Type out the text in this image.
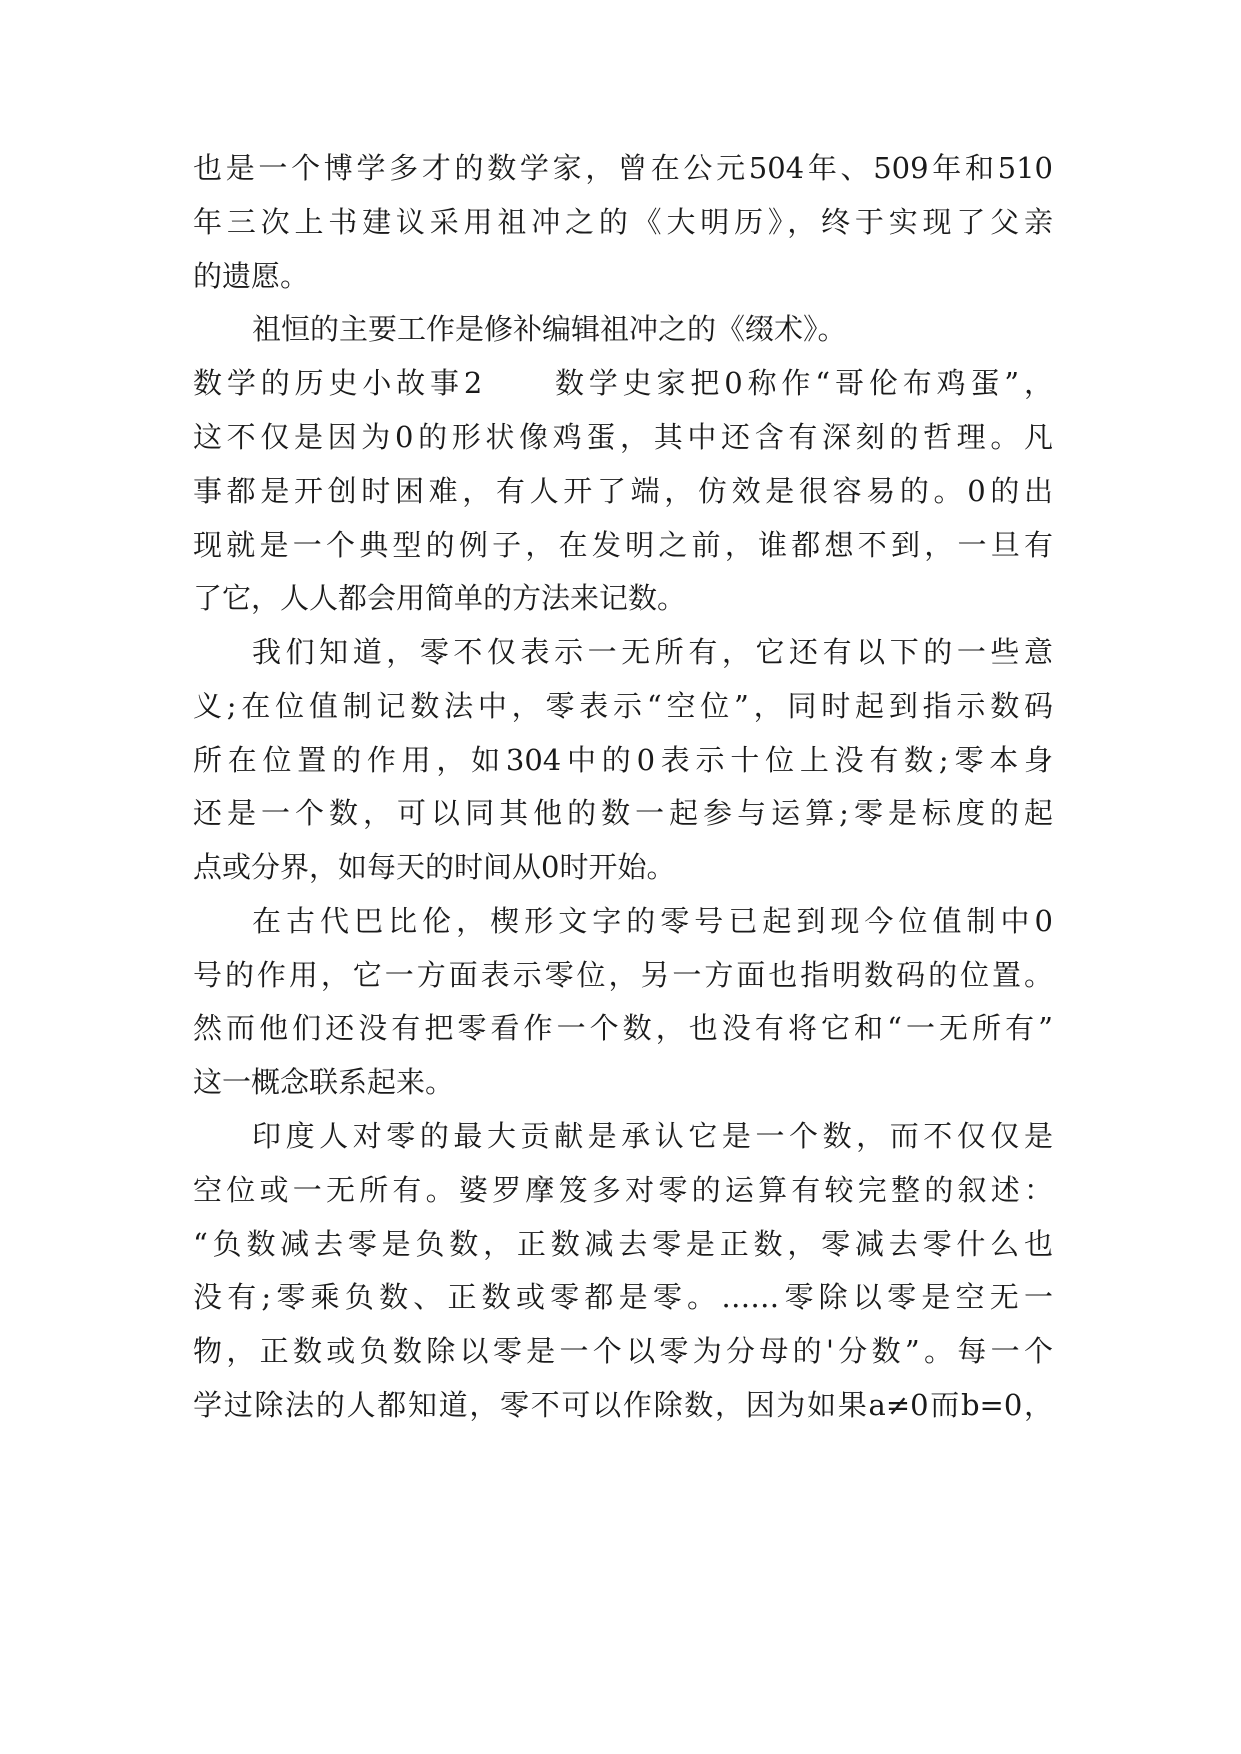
也是一个博学多才的数学家，曾在公元504年、509年和510
年三次上书建议采用祖冲之的《大明历》，终于实现了父亲
的遗愿。
祖恒的主要工作是修补编辑祖冲之的《缀术》。
数学的历史小故事2　　数学史家把0称作“哥伦布鸡蛋”，
这不仅是因为0的形状像鸡蛋，其中还含有深刻的哲理。凡
事都是开创时困难，有人开了端，仿效是很容易的。0的出
现就是一个典型的例子，在发明之前，谁都想不到，一旦有
了它，人人都会用简单的方法来记数。
我们知道，零不仅表示一无所有，它还有以下的一些意
义;在位值制记数法中，零表示“空位”，同时起到指示数码
所在位置的作用，如304中的0表示十位上没有数;零本身
还是一个数，可以同其他的数一起参与运算;零是标度的起
点或分界，如每天的时间从0时开始。
在古代巴比伦，楔形文字的零号已起到现今位值制中0
号的作用，它一方面表示零位，另一方面也指明数码的位置。
然而他们还没有把零看作一个数，也没有将它和“一无所有”
这一概念联系起来。
印度人对零的最大贡献是承认它是一个数，而不仅仅是
空位或一无所有。婆罗摩笈多对零的运算有较完整的叙述：
“负数减去零是负数，正数减去零是正数，零减去零什么也
没有;零乘负数、正数或零都是零。……零除以零是空无一
物，正数或负数除以零是一个以零为分母的'分数”。每一个
学过除法的人都知道，零不可以作除数，因为如果a≠0而b=0，
